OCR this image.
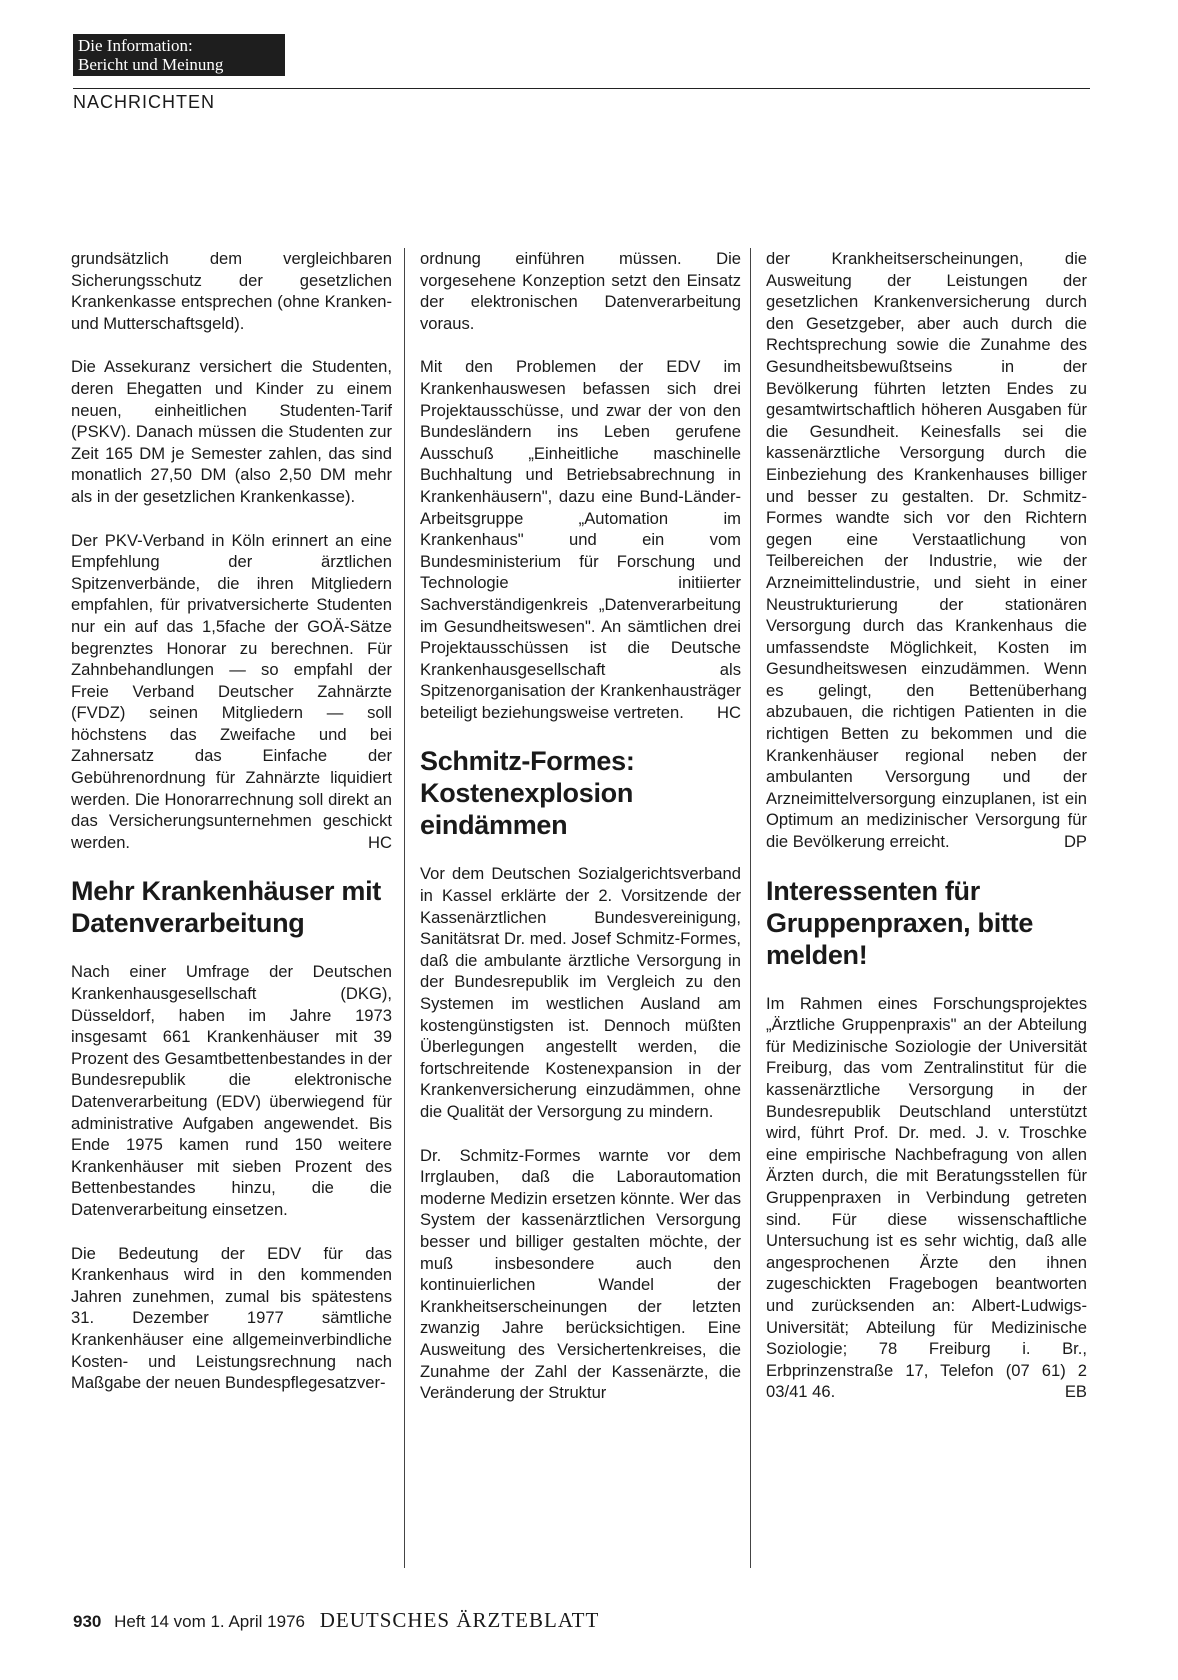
Die Information:
Bericht und Meinung
NACHRICHTEN

grundsätzlich dem vergleichbaren Sicherungsschutz der gesetzlichen Krankenkasse entsprechen (ohne Kranken- und Mutterschaftsgeld).

Die Assekuranz versichert die Studenten, deren Ehegatten und Kinder zu einem neuen, einheitlichen Studenten-Tarif (PSKV). Danach müssen die Studenten zur Zeit 165 DM je Semester zahlen, das sind monatlich 27,50 DM (also 2,50 DM mehr als in der gesetzlichen Krankenkasse).

Der PKV-Verband in Köln erinnert an eine Empfehlung der ärztlichen Spitzenverbände, die ihren Mitgliedern empfahlen, für privatversicherte Studenten nur ein auf das 1,5fache der GOÄ-Sätze begrenztes Honorar zu berechnen. Für Zahnbehandlungen — so empfahl der Freie Verband Deutscher Zahnärzte (FVDZ) seinen Mitgliedern — soll höchstens das Zweifache und bei Zahnersatz das Einfache der Gebührenordnung für Zahnärzte liquidiert werden. Die Honorarrechnung soll direkt an das Versicherungsunternehmen geschickt werden.	HC

Mehr Krankenhäuser mit Datenverarbeitung

Nach einer Umfrage der Deutschen Krankenhausgesellschaft (DKG), Düsseldorf, haben im Jahre 1973 insgesamt 661 Krankenhäuser mit 39 Prozent des Gesamtbettenbestandes in der Bundesrepublik die elektronische Datenverarbeitung (EDV) überwiegend für administrative Aufgaben angewendet. Bis Ende 1975 kamen rund 150 weitere Krankenhäuser mit sieben Prozent des Bettenbestandes hinzu, die die Datenverarbeitung einsetzen.

Die Bedeutung der EDV für das Krankenhaus wird in den kommenden Jahren zunehmen, zumal bis spätestens 31. Dezember 1977 sämtliche Krankenhäuser eine allgemeinverbindliche Kosten- und Leistungsrechnung nach Maßgabe der neuen Bundespflegesatzver-

ordnung einführen müssen. Die vorgesehene Konzeption setzt den Einsatz der elektronischen Datenverarbeitung voraus.

Mit den Problemen der EDV im Krankenhauswesen befassen sich drei Projektausschüsse, und zwar der von den Bundesländern ins Leben gerufene Ausschuß „Einheitliche maschinelle Buchhaltung und Betriebsabrechnung in Krankenhäusern", dazu eine Bund-Länder-Arbeitsgruppe „Automation im Krankenhaus" und ein vom Bundesministerium für Forschung und Technologie initiierter Sachverständigenkreis „Datenverarbeitung im Gesundheitswesen". An sämtlichen drei Projektausschüssen ist die Deutsche Krankenhausgesellschaft als Spitzenorganisation der Krankenhausträger beteiligt beziehungsweise vertreten. HC

Schmitz-Formes: Kostenexplosion eindämmen

Vor dem Deutschen Sozialgerichtsverband in Kassel erklärte der 2. Vorsitzende der Kassenärztlichen Bundesvereinigung, Sanitätsrat Dr. med. Josef Schmitz-Formes, daß die ambulante ärztliche Versorgung in der Bundesrepublik im Vergleich zu den Systemen im westlichen Ausland am kostengünstigsten ist. Dennoch müßten Überlegungen angestellt werden, die fortschreitende Kostenexpansion in der Krankenversicherung einzudämmen, ohne die Qualität der Versorgung zu mindern.

Dr. Schmitz-Formes warnte vor dem Irrglauben, daß die Laborautomation moderne Medizin ersetzen könnte. Wer das System der kassenärztlichen Versorgung besser und billiger gestalten möchte, der muß insbesondere auch den kontinuierlichen Wandel der Krankheitserscheinungen der letzten zwanzig Jahre berücksichtigen. Eine Ausweitung des Versichertenkreises, die Zunahme der Zahl der Kassenärzte, die Veränderung der Struktur

der Krankheitserscheinungen, die Ausweitung der Leistungen der gesetzlichen Krankenversicherung durch den Gesetzgeber, aber auch durch die Rechtsprechung sowie die Zunahme des Gesundheitsbewußtseins in der Bevölkerung führten letzten Endes zu gesamtwirtschaftlich höheren Ausgaben für die Gesundheit. Keinesfalls sei die kassenärztliche Versorgung durch die Einbeziehung des Krankenhauses billiger und besser zu gestalten. Dr. Schmitz-Formes wandte sich vor den Richtern gegen eine Verstaatlichung von Teilbereichen der Industrie, wie der Arzneimittelindustrie, und sieht in einer Neustrukturierung der stationären Versorgung durch das Krankenhaus die umfassendste Möglichkeit, Kosten im Gesundheitswesen einzudämmen. Wenn es gelingt, den Bettenüberhang abzubauen, die richtigen Patienten in die richtigen Betten zu bekommen und die Krankenhäuser regional neben der ambulanten Versorgung und der Arzneimittelversorgung einzuplanen, ist ein Optimum an medizinischer Versorgung für die Bevölkerung erreicht.	DP

Interessenten für Gruppenpraxen, bitte melden!

Im Rahmen eines Forschungsprojektes „Ärztliche Gruppenpraxis" an der Abteilung für Medizinische Soziologie der Universität Freiburg, das vom Zentralinstitut für die kassenärztliche Versorgung in der Bundesrepublik Deutschland unterstützt wird, führt Prof. Dr. med. J. v. Troschke eine empirische Nachbefragung von allen Ärzten durch, die mit Beratungsstellen für Gruppenpraxen in Verbindung getreten sind. Für diese wissenschaftliche Untersuchung ist es sehr wichtig, daß alle angesprochenen Ärzte den ihnen zugeschickten Fragebogen beantworten und zurücksenden an: Albert-Ludwigs-Universität; Abteilung für Medizinische Soziologie; 78 Freiburg i. Br., Erbprinzenstraße 17, Telefon (07 61) 2 03/41 46.	EB

930 Heft 14 vom 1. April 1976 DEUTSCHES ÄRZTEBLATT
